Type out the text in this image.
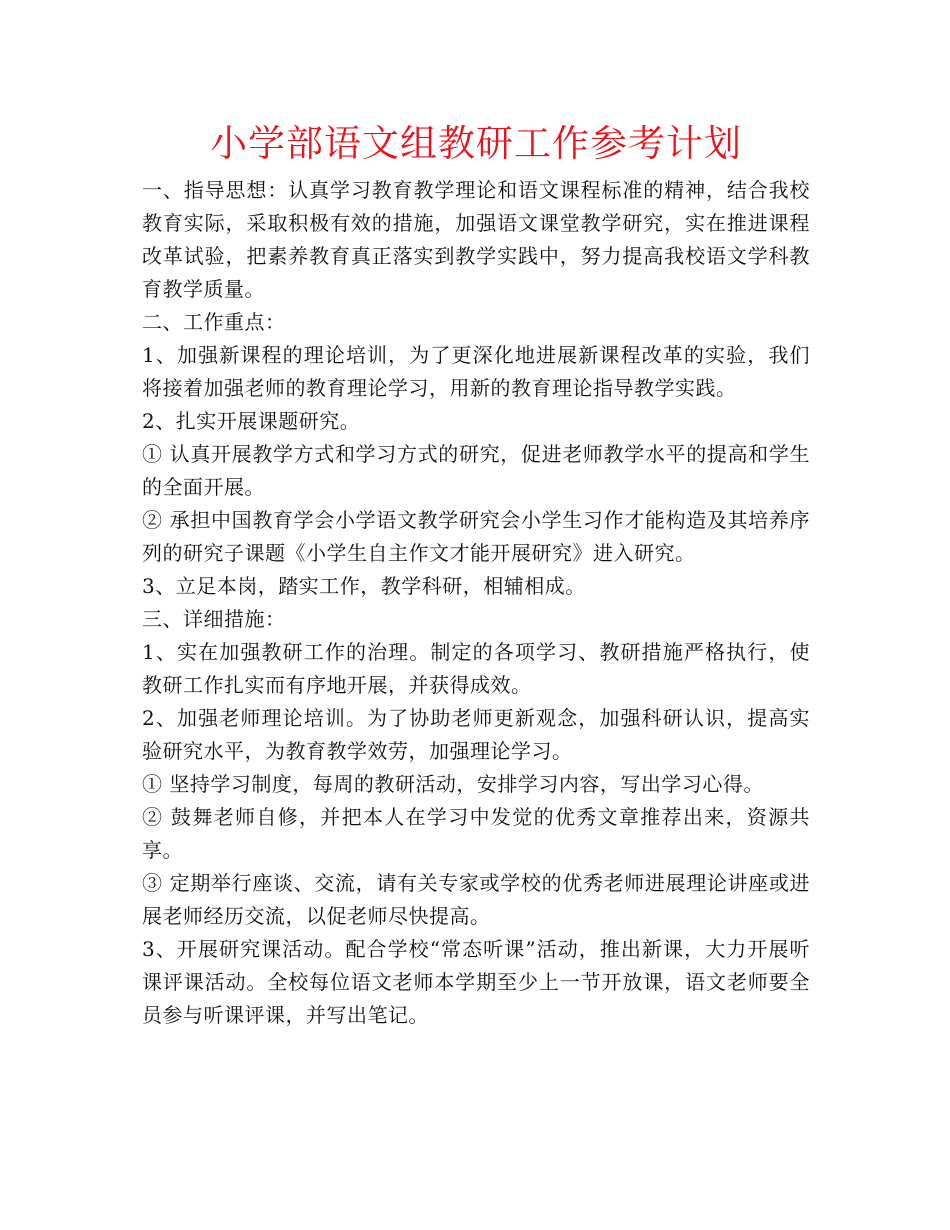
小学部语文组教研工作参考计划

一、指导思想：认真学习教育教学理论和语文课程标准的精神，结合我校教育实际，采取积极有效的措施，加强语文课堂教学研究，实在推进课程改革试验，把素养教育真正落实到教学实践中，努力提高我校语文学科教育教学质量。

二、工作重点：

1、加强新课程的理论培训，为了更深化地进展新课程改革的实验，我们将接着加强老师的教育理论学习，用新的教育理论指导教学实践。

2、扎实开展课题研究。

① 认真开展教学方式和学习方式的研究，促进老师教学水平的提高和学生的全面开展。

② 承担中国教育学会小学语文教学研究会小学生习作才能构造及其培养序列的研究子课题《小学生自主作文才能开展研究》进入研究。

3、立足本岗，踏实工作，教学科研，相辅相成。

三、详细措施：

1、实在加强教研工作的治理。制定的各项学习、教研措施严格执行，使教研工作扎实而有序地开展，并获得成效。

2、加强老师理论培训。为了协助老师更新观念，加强科研认识，提高实验研究水平，为教育教学效劳，加强理论学习。

① 坚持学习制度，每周的教研活动，安排学习内容，写出学习心得。

② 鼓舞老师自修，并把本人在学习中发觉的优秀文章推荐出来，资源共享。

③ 定期举行座谈、交流，请有关专家或学校的优秀老师进展理论讲座或进展老师经历交流，以促老师尽快提高。

3、开展研究课活动。配合学校“常态听课”活动，推出新课，大力开展听课评课活动。全校每位语文老师本学期至少上一节开放课，语文老师要全员参与听课评课，并写出笔记。
